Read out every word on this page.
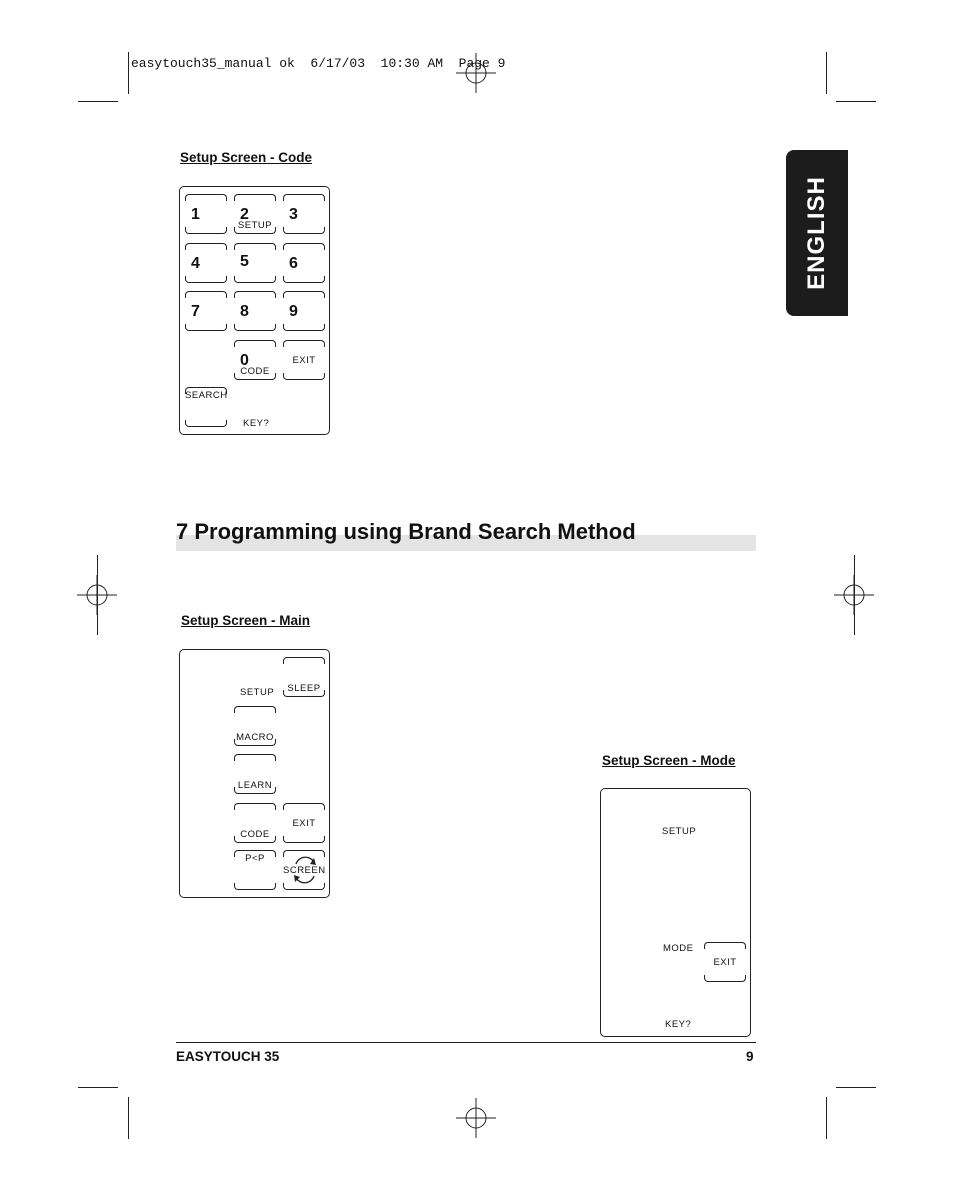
easytouch35_manual ok  6/17/03  10:30 AM  Page 9
ENGLISH
Setup Screen - Code
1	2
SETUP
3
4	5	6
7	8	9
0
CODE
EXIT
SEARCH
KEY?
7 Programming using Brand Search Method
Setup Screen - Main
SETUP	SLEEP
MACRO
LEARN
CODE
EXIT
P<P
SCREEN
Setup Screen - Mode
SETUP
MODE
EXIT
KEY?
EASYTOUCH 35	9
